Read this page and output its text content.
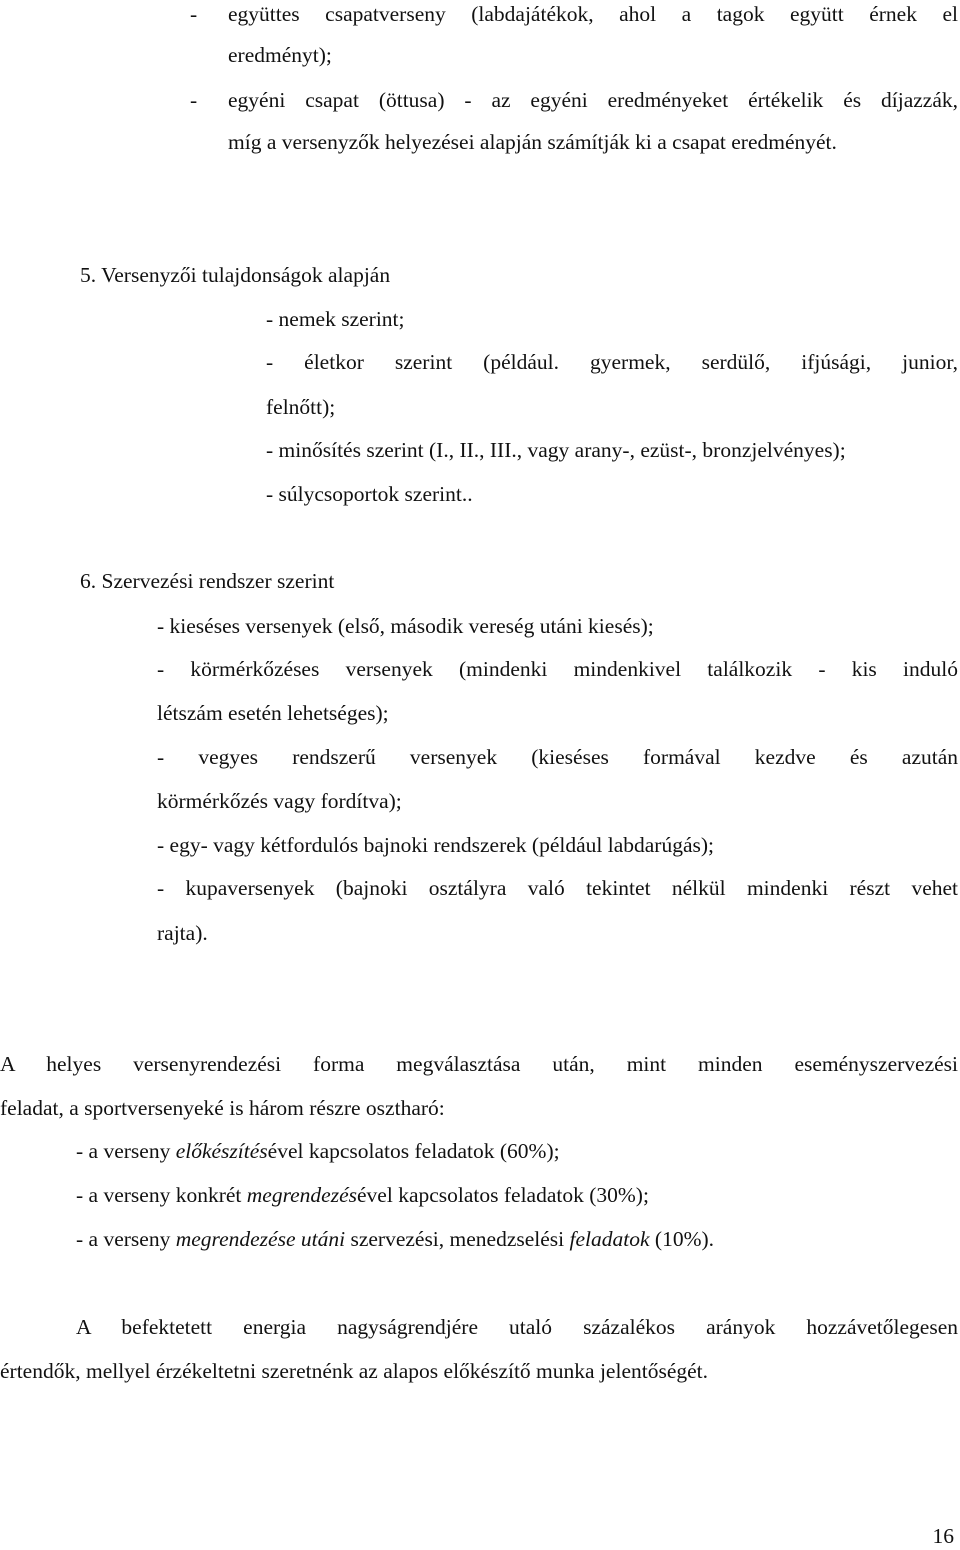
- együttes csapatverseny (labdajátékok, ahol a tagok együtt érnek el
eredményt);
- egyéni csapat (öttusa) - az egyéni eredményeket értékelik és díjazzák,
míg a versenyzők helyezései alapján számítják ki a csapat eredményét.
5. Versenyzői tulajdonságok alapján
- nemek szerint;
- életkor szerint (például. gyermek, serdülő, ifjúsági, junior,
felnőtt);
- minősítés szerint (I., II., III., vagy arany-, ezüst-, bronzjelvényes);
- súlycsoportok szerint..
6. Szervezési rendszer szerint
- kieséses versenyek (első, második vereség utáni kiesés);
- körmérkőzéses versenyek (mindenki mindenkivel találkozik - kis induló
létszám esetén lehetséges);
- vegyes rendszerű versenyek (kieséses formával kezdve és azután
körmérkőzés vagy fordítva);
- egy- vagy kétfordulós bajnoki rendszerek (például labdarúgás);
- kupaversenyek (bajnoki osztályra való tekintet nélkül mindenki részt vehet
rajta).
A helyes versenyrendezési forma megválasztása után, mint minden eseményszervezési
feladat, a sportversenyeké is három részre osztharó:
- a verseny előkészítésével kapcsolatos feladatok (60%);
- a verseny konkrét megrendezésével kapcsolatos feladatok (30%);
- a verseny megrendezése utáni szervezési, menedzselési feladatok (10%).
A befektetett energia nagyságrendjére utaló százalékos arányok hozzávetőlegesen
értendők, mellyel érzékeltetni szeretnénk az alapos előkészítő munka jelentőségét.
16
